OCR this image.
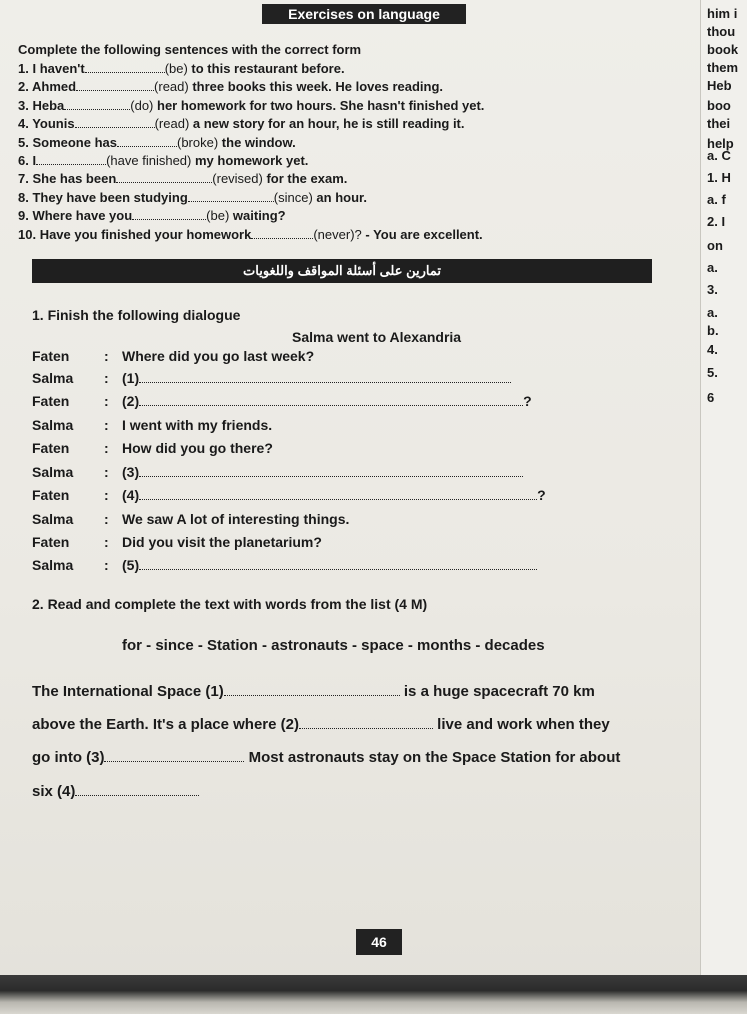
Exercises on language
Complete the following sentences with the correct form
1. I haven't	(be) to this restaurant before.
2. Ahmed	(read) three books this week. He loves reading.
3. Heba	(do) her homework for two hours. She hasn't finished yet.
4. Younis	(read) a new story for an hour, he is still reading it.
5. Someone has	(broke) the window.
6. I	(have finished) my homework yet.
7. She has been	(revised) for the exam.
8. They have been studying	(since) an hour.
9. Where have you	(be) waiting?
10. Have you finished your homework	(never)? - You are excellent.
تمارين على أسئلة المواقف واللغويات
1. Finish the following dialogue
Salma went to Alexandria
Faten : Where did you go last week?
Salma : (1)
Faten : (2)	?
Salma : I went with my friends.
Faten : How did you go there?
Salma : (3)
Faten : (4)	?
Salma : We saw A lot of interesting things.
Faten : Did you visit the planetarium?
Salma : (5)
2. Read and complete the text with words from the list (4 M)
for - since - Station - astronauts - space - months - decades
The International Space (1)	is a huge spacecraft 70 km
above the Earth. It's a place where (2)	live and work when they
go into (3)	Most astronauts stay on the Space Station for about
six (4)
46
him i
thou
book
them
Heb
boo
thei
help
a. C
1. H
a. f
2. I
on
a.
3.
a.
b.
4.
5.
6
